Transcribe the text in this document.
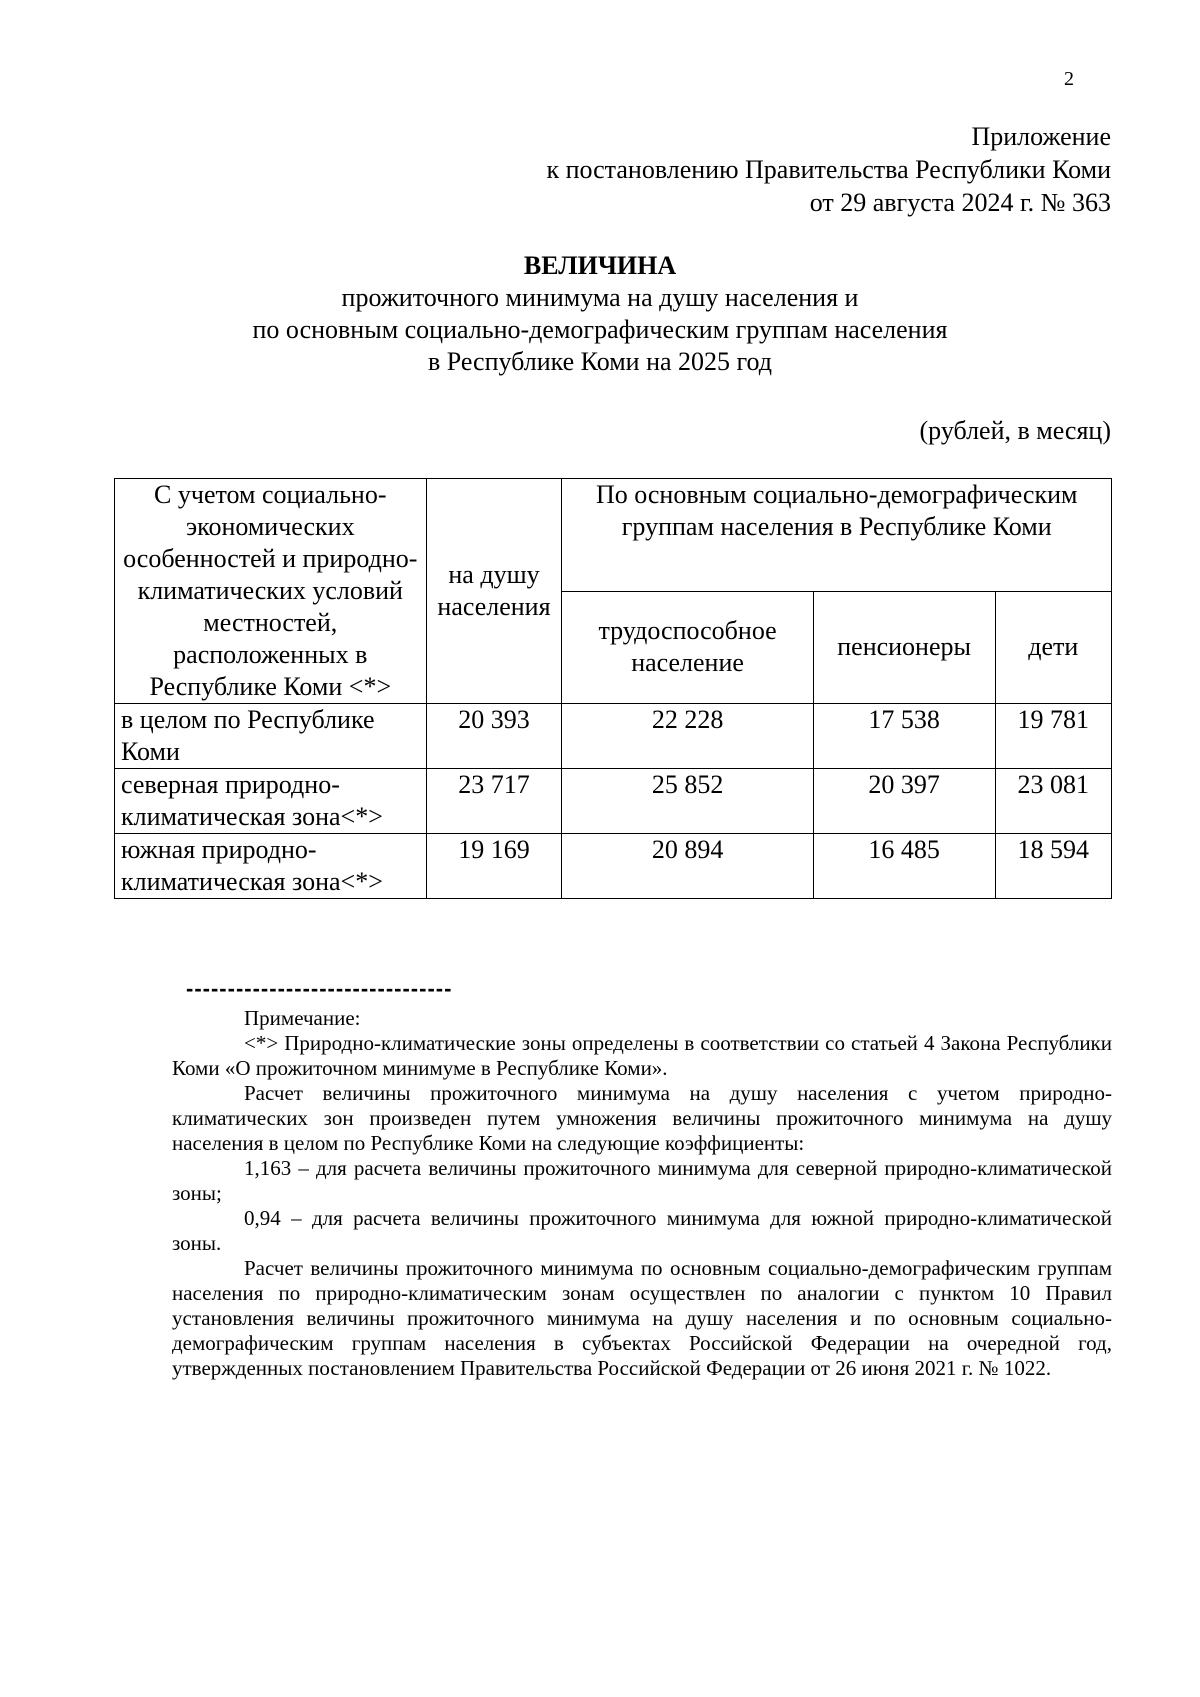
2
Приложение
к постановлению Правительства Республики Коми
от 29 августа 2024 г. № 363
ВЕЛИЧИНА
прожиточного минимума на душу населения и
по основным социально-демографическим группам населения
в Республике Коми на 2025 год
(рублей, в месяц)
С учетом социально-экономических особенностей и природно-климатических условий местностей, расположенных в Республике Коми <*>	на душу населения	По основным социально-демографическим группам населения в Республике Коми		
		трудоспособное население	пенсионеры	дети
в целом по Республике Коми	20 393	22 228	17 538	19 781
северная природно-климатическая зона<*>	23 717	25 852	20 397	23 081
южная природно-климатическая зона<*>	19 169	20 894	16 485	18 594
--------------------------------

Примечание:

<*> Природно-климатические зоны определены в соответствии со статьей 4 Закона Республики Коми «О прожиточном минимуме в Республике Коми».

Расчет величины прожиточного минимума на душу населения с учетом природно-климатических зон произведен путем умножения величины прожиточного минимума на душу населения в целом по Республике Коми на следующие коэффициенты:

1,163 – для расчета величины прожиточного минимума для северной природно-климатической зоны;

0,94 – для расчета величины прожиточного минимума для южной природно-климатической зоны.

Расчет величины прожиточного минимума по основным социально-демографическим группам населения по природно-климатическим зонам осуществлен по аналогии с пунктом 10 Правил установления величины прожиточного минимума на душу населения и по основным социально-демографическим группам населения в субъектах Российской Федерации на очередной год, утвержденных постановлением Правительства Российской Федерации от 26 июня 2021 г. № 1022.
